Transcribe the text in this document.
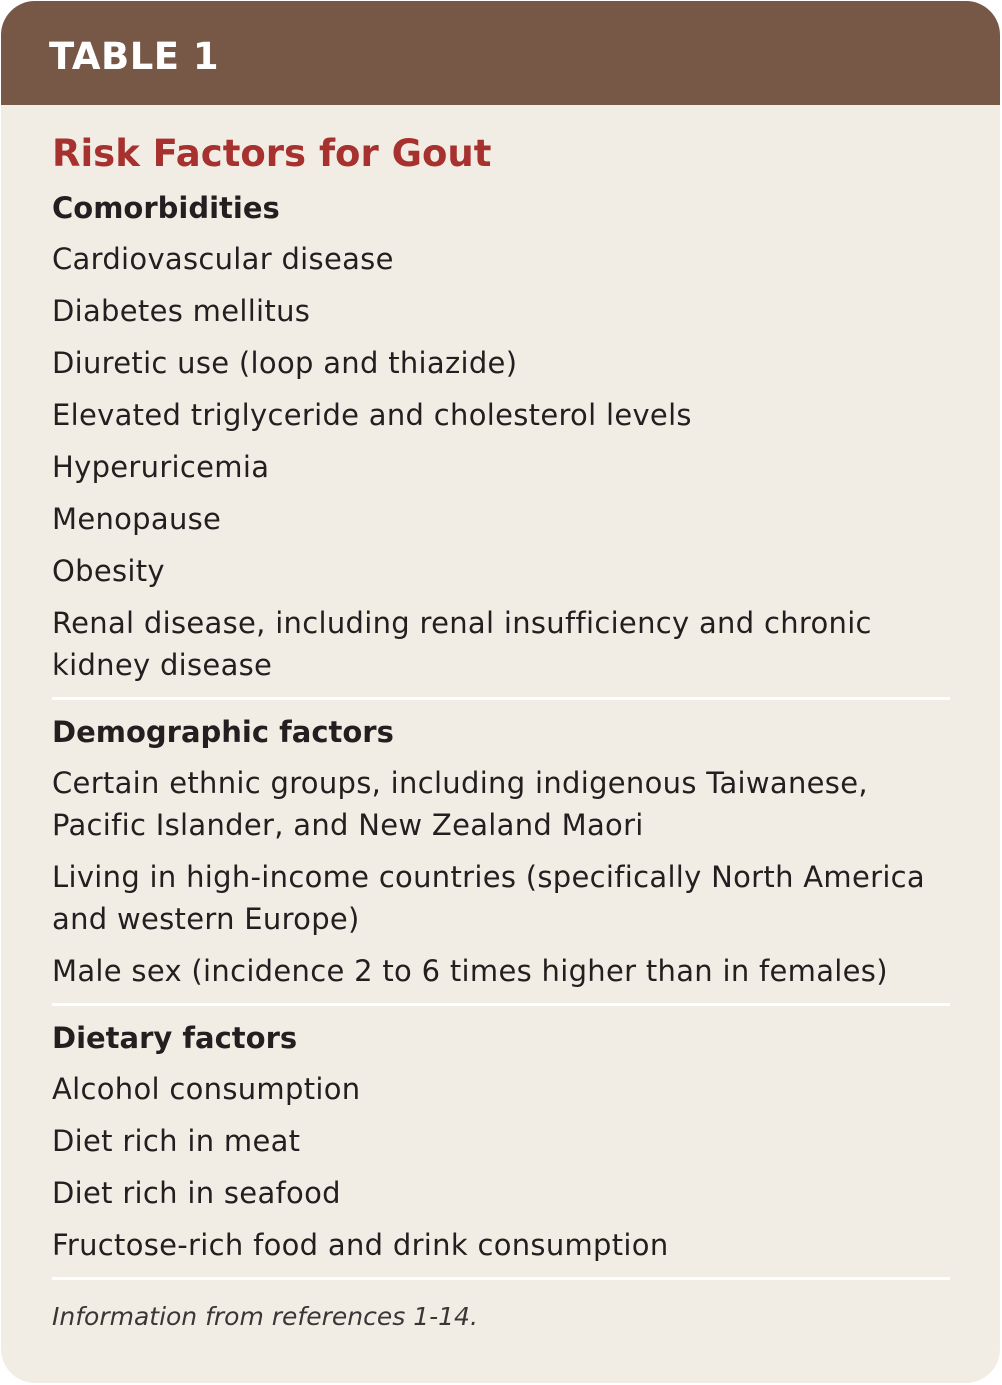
TABLE 1
Risk Factors for Gout
Comorbidities
Cardiovascular disease
Diabetes mellitus
Diuretic use (loop and thiazide)
Elevated triglyceride and cholesterol levels
Hyperuricemia
Menopause
Obesity
Renal disease, including renal insufficiency and chronic kidney disease
Demographic factors
Certain ethnic groups, including indigenous Taiwanese, Pacific Islander, and New Zealand Maori
Living in high-income countries (specifically North America and western Europe)
Male sex (incidence 2 to 6 times higher than in females)
Dietary factors
Alcohol consumption
Diet rich in meat
Diet rich in seafood
Fructose-rich food and drink consumption
Information from references 1-14.
